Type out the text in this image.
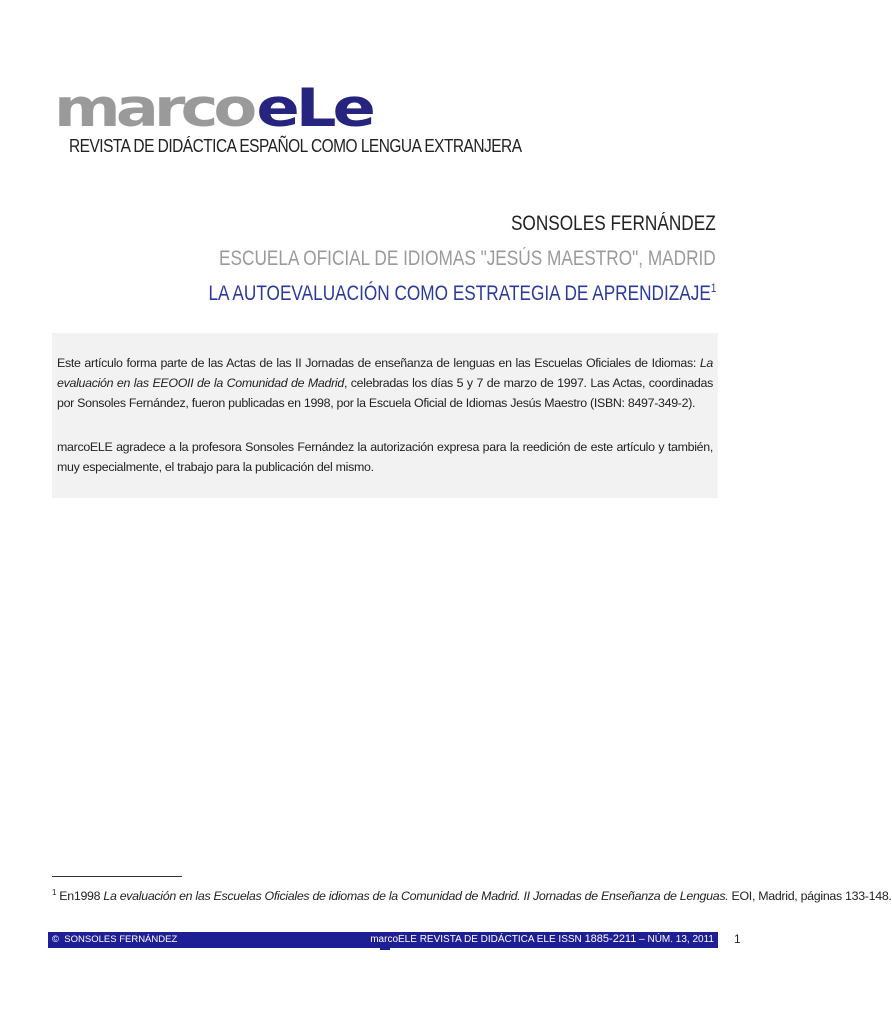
marco eLe
REVISTA DE DIDÁCTICA ESPAÑOL COMO LENGUA EXTRANJERA
SONSOLES FERNÁNDEZ
ESCUELA OFICIAL DE IDIOMAS "JESÚS MAESTRO", MADRID
LA AUTOEVALUACIÓN COMO ESTRATEGIA DE APRENDIZAJE$^1$

Este artículo forma parte de las Actas de las II Jornadas de enseñanza de lenguas en las Escuelas Oficiales de Idiomas: La evaluación en las EEOOII de la Comunidad de Madrid, celebradas los días 5 y 7 de marzo de 1997. Las Actas, coordinadas por Sonsoles Fernández, fueron publicadas en 1998, por la Escuela Oficial de Idiomas Jesús Maestro (ISBN: 8497-349-2).

marcoELE agradece a la profesora Sonsoles Fernández la autorización expresa para la reedición de este artículo y también, muy especialmente, el trabajo para la publicación del mismo.

$^1$ En1998 La evaluación en las Escuelas Oficiales de idiomas de la Comunidad de Madrid. II Jornadas de Enseñanza de Lenguas. EOI, Madrid, páginas 133-148.
© SONSOLES FERNÁNDEZ	marcoELE REVISTA DE DIDÁCTICA ELE ISSN 1885-2211 – NÚM. 13, 2011 1
